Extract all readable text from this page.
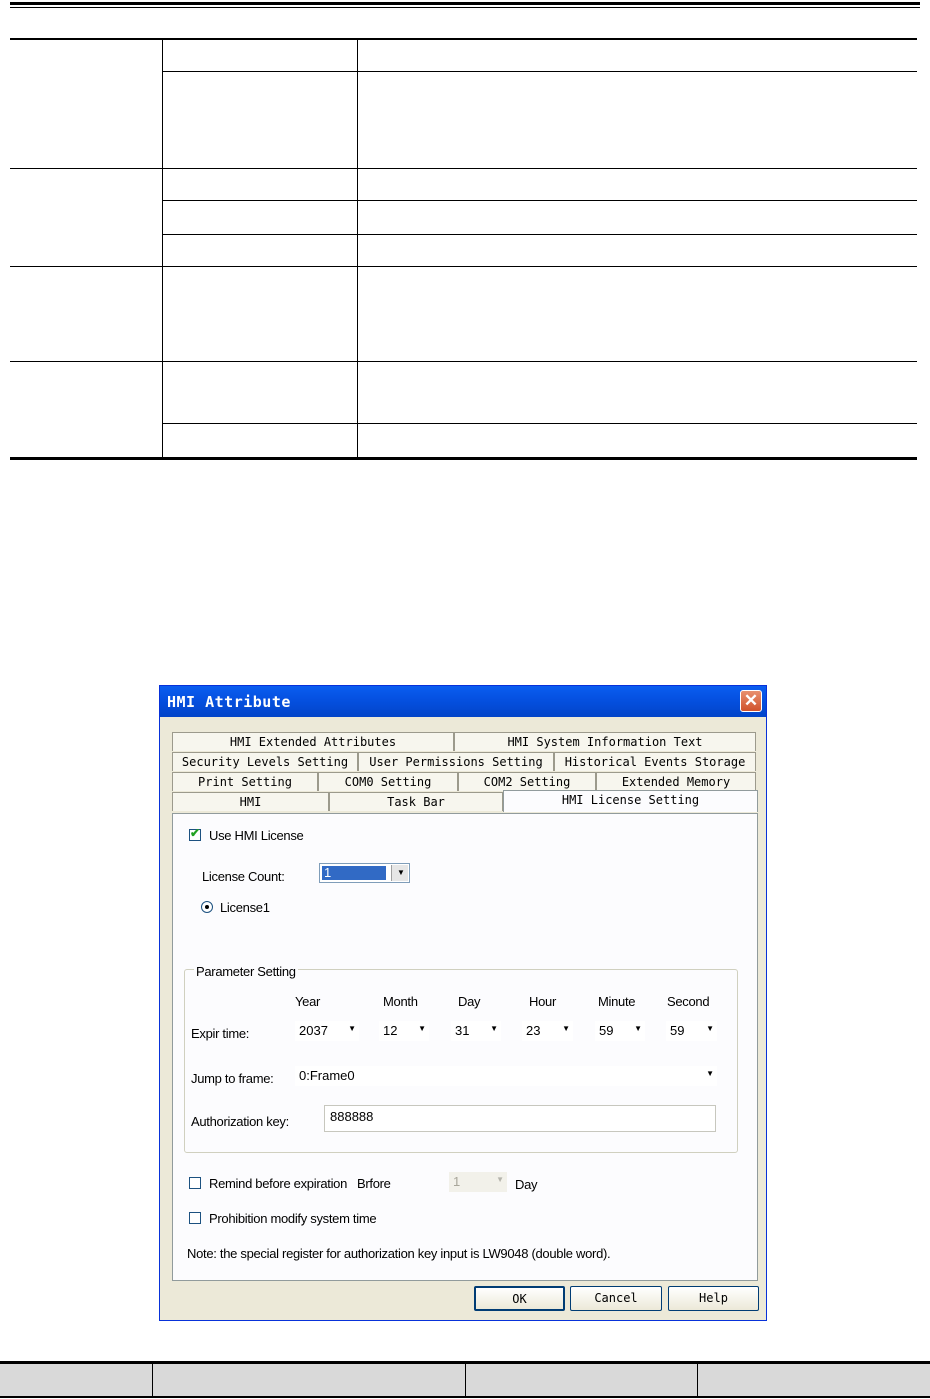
HMI Attribute	✕
HMI Extended Attributes	HMI System Information Text
Security Levels Setting	User Permissions Setting	Historical Events Storage
Print Setting	COM0 Setting	COM2 Setting	Extended Memory
HMI	Task Bar	HMI License Setting
✔ Use HMI License
License Count:	1	▼
License1
Parameter Setting
Year	Month	Day	Hour	Minute Second
Expir time:	2037	▼ 12	▼ 31	▼ 23	▼ 59	▼ 59	▼
Jump to frame: 0:Frame0	▼
Authorization key:	888888
Remind before expiration Brfore	1	▼ Day
Prohibition modify system time
Note: the special register for authorization key input is LW9048 (double word).
OK	Cancel	Help
